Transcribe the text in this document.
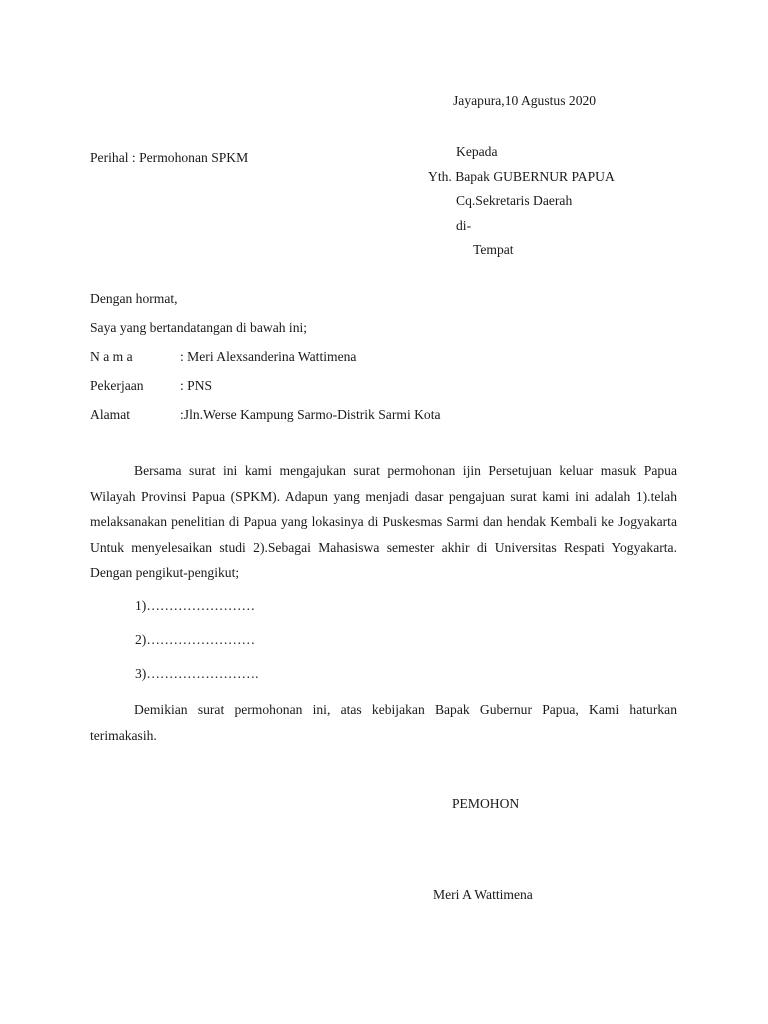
Jayapura,10 Agustus 2020
Perihal : Permohonan SPKM	Kepada
Yth. Bapak GUBERNUR PAPUA
Cq.Sekretaris Daerah
di-
Tempat
Dengan hormat,
Saya yang bertandatangan di bawah ini;
N a m a	: Meri Alexsanderina Wattimena
Pekerjaan	: PNS
Alamat	:Jln.Werse Kampung Sarmo-Distrik Sarmi Kota
Bersama surat ini kami mengajukan surat permohonan ijin Persetujuan keluar masuk Papua Wilayah Provinsi Papua (SPKM). Adapun yang menjadi dasar pengajuan surat kami ini adalah 1).telah melaksanakan penelitian di Papua yang lokasinya di Puskesmas Sarmi dan hendak Kembali ke Jogyakarta Untuk menyelesaikan studi 2).Sebagai Mahasiswa semester akhir di Universitas Respati Yogyakarta. Dengan pengikut-pengikut;
1)……………………
2)……………………
3)…………………….
Demikian surat permohonan ini, atas kebijakan Bapak Gubernur Papua, Kami haturkan terimakasih.
PEMOHON
Meri A Wattimena
